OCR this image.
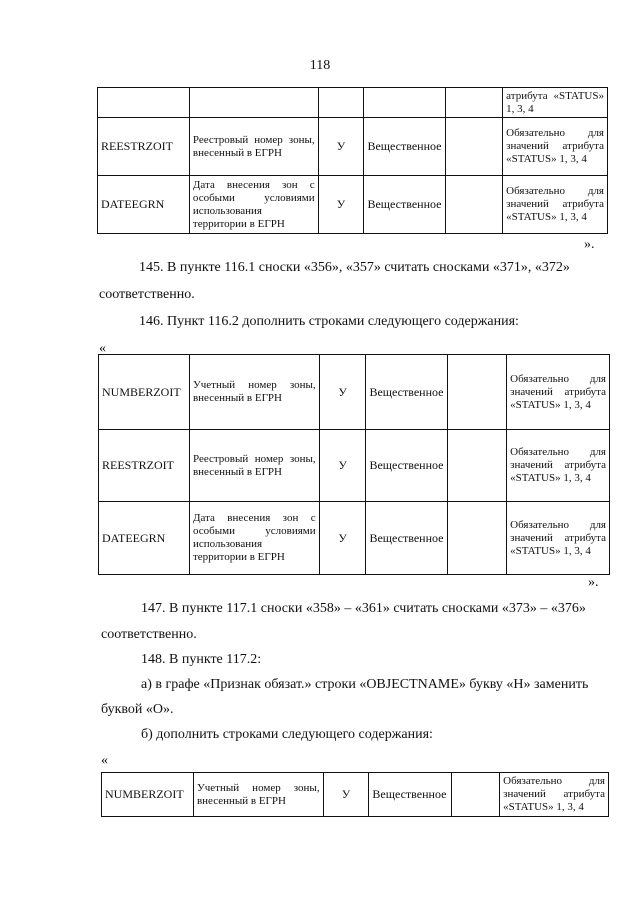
118
					атрибута «STATUS» 1, 3, 4
REESTRZOIT	Реестровый номер зоны, внесенный в ЕГРН	У	Вещественное		Обязательно для значений атрибута «STATUS» 1, 3, 4
DATEEGRN	Дата внесения зон с особыми условиями использования территории в ЕГРН	У	Вещественное		Обязательно для значений атрибута «STATUS» 1, 3, 4
».
145. В пункте 116.1 сноски «356», «357» считать сносками «371», «372»
соответственно.
146. Пункт 116.2 дополнить строками следующего содержания:
«
NUMBERZOIT	Учетный номер зоны, внесенный в ЕГРН	У	Вещественное		Обязательно для значений атрибута «STATUS» 1, 3, 4
REESTRZOIT	Реестровый номер зоны, внесенный в ЕГРН	У	Вещественное		Обязательно для значений атрибута «STATUS» 1, 3, 4
DATEEGRN	Дата внесения зон с особыми условиями использования территории в ЕГРН	У	Вещественное		Обязательно для значений атрибута «STATUS» 1, 3, 4
».
147. В пункте 117.1 сноски «358» – «361» считать сносками «373» – «376»
соответственно.
148. В пункте 117.2:
а) в графе «Признак обязат.» строки «OBJECTNAME» букву «Н» заменить
буквой «О».
б) дополнить строками следующего содержания:
«
NUMBERZOIT	Учетный номер зоны, внесенный в ЕГРН	У	Вещественное		Обязательно для значений атрибута «STATUS» 1, 3, 4
